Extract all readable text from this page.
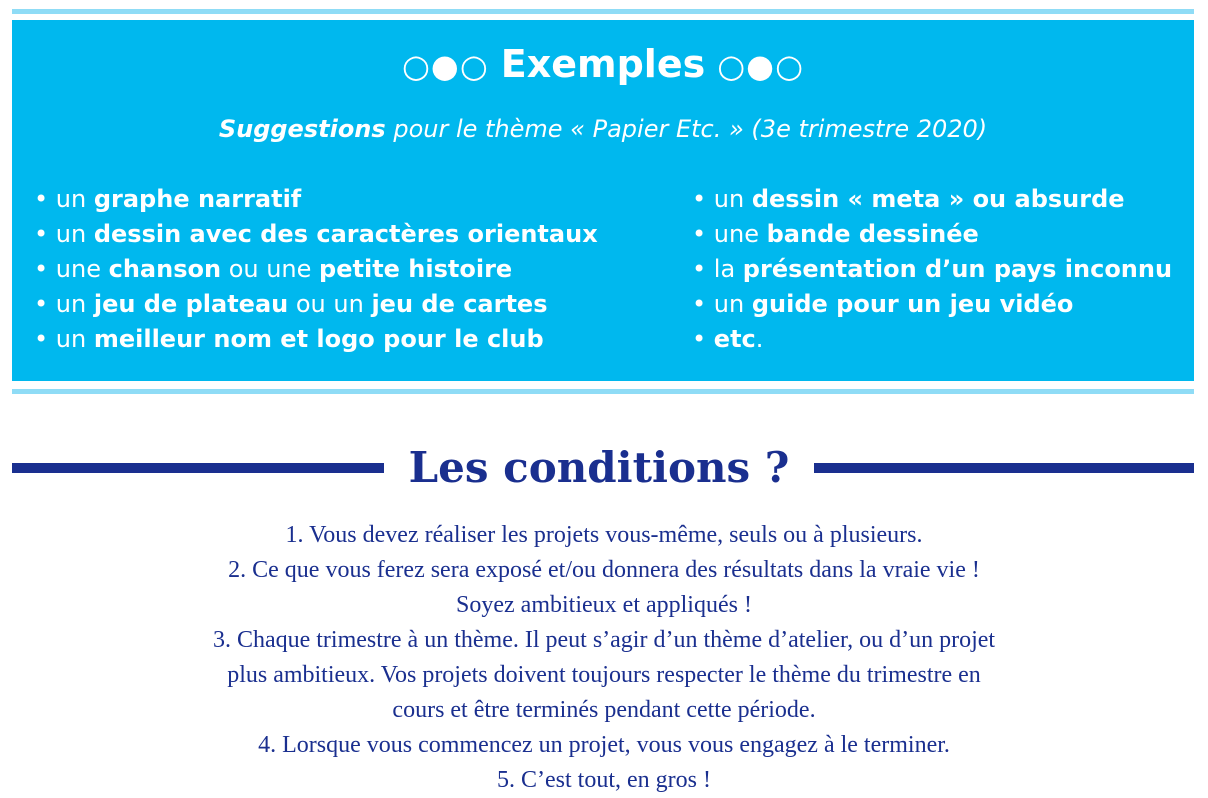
○●○ Exemples ○●○
Suggestions pour le thème « Papier Etc. » (3e trimestre 2020)
• un graphe narratif
• un dessin avec des caractères orientaux
• une chanson ou une petite histoire
• un jeu de plateau ou un jeu de cartes
• un meilleur nom et logo pour le club
• un dessin « meta » ou absurde
• une bande dessinée
• la présentation d’un pays inconnu
• un guide pour un jeu vidéo
• etc.
Les conditions ?
1. Vous devez réaliser les projets vous-même, seuls ou à plusieurs.
2. Ce que vous ferez sera exposé et/ou donnera des résultats dans la vraie vie !
Soyez ambitieux et appliqués !
3. Chaque trimestre à un thème. Il peut s’agir d’un thème d’atelier, ou d’un projet
plus ambitieux. Vos projets doivent toujours respecter le thème du trimestre en
cours et être terminés pendant cette période.
4. Lorsque vous commencez un projet, vous vous engagez à le terminer.
5. C’est tout, en gros !
